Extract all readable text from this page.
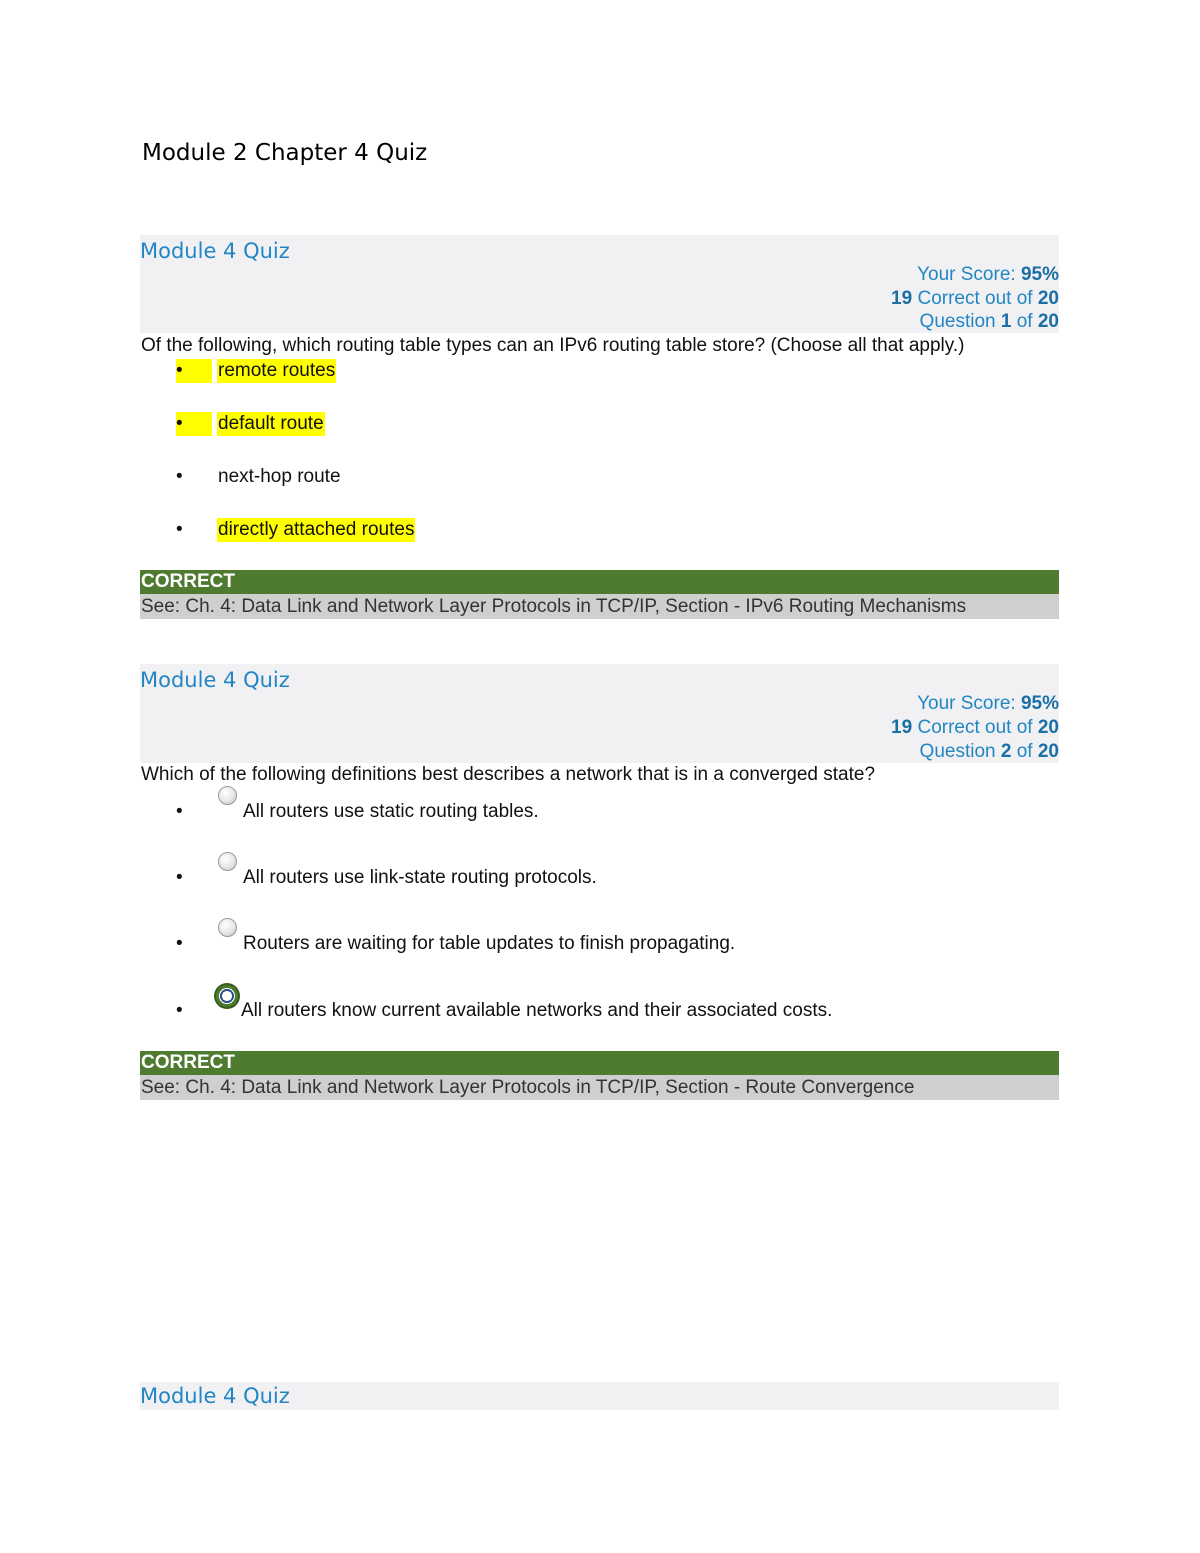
Module 2 Chapter 4 Quiz
Module 4 Quiz
Your Score: 95%
19 Correct out of 20
Question 1 of 20
Of the following, which routing table types can an IPv6 routing table store? (Choose all that apply.)
•	remote routes
•	default route
•	next-hop route
•	directly attached routes
CORRECT
See: Ch. 4: Data Link and Network Layer Protocols in TCP/IP, Section - IPv6 Routing Mechanisms
Module 4 Quiz
Your Score: 95%
19 Correct out of 20
Question 2 of 20
Which of the following definitions best describes a network that is in a converged state?
•	All routers use static routing tables.
•	All routers use link-state routing protocols.
•	Routers are waiting for table updates to finish propagating.
•	All routers know current available networks and their associated costs.
CORRECT
See: Ch. 4: Data Link and Network Layer Protocols in TCP/IP, Section - Route Convergence
Module 4 Quiz
